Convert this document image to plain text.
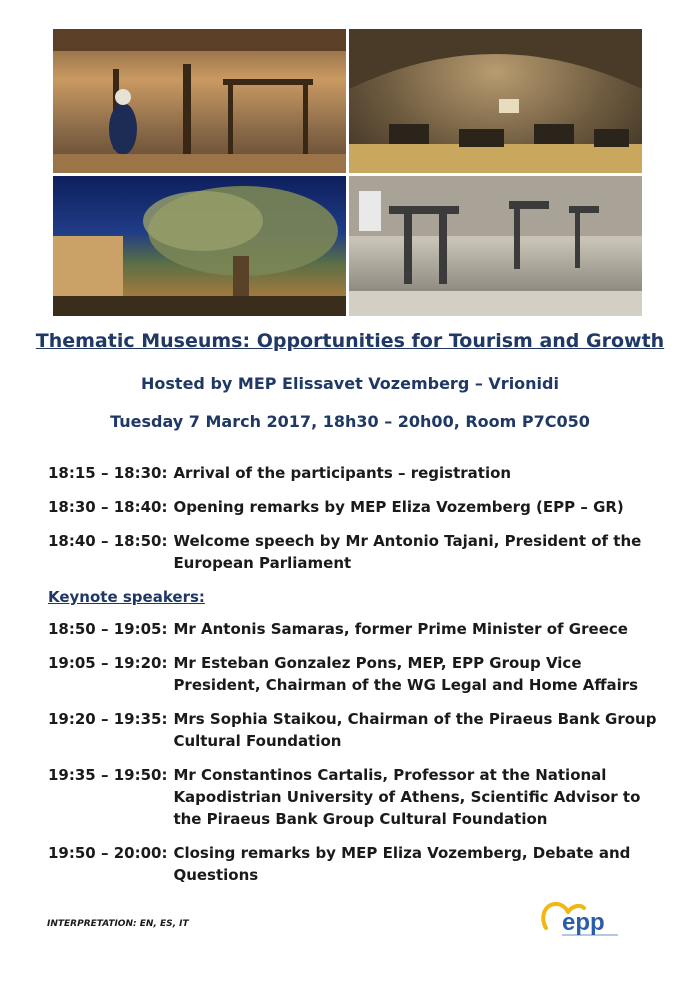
Thematic Museums: Opportunities for Tourism and Growth
Hosted by MEP Elissavet Vozemberg – Vrionidi
Tuesday 7 March 2017, 18h30 – 20h00, Room P7C050
18:15 – 18:30: Arrival of the participants – registration
18:30 – 18:40: Opening remarks by MEP Eliza Vozemberg (EPP – GR)
18:40 – 18:50: Welcome speech by Mr Antonio Tajani, President of the European Parliament
Keynote speakers:
18:50 – 19:05: Mr Antonis Samaras, former Prime Minister of Greece
19:05 – 19:20: Mr Esteban Gonzalez Pons, MEP, EPP Group Vice President, Chairman of the WG Legal and Home Affairs
19:20 – 19:35: Mrs Sophia Staikou, Chairman of the Piraeus Bank Group Cultural Foundation
19:35 – 19:50: Mr Constantinos Cartalis, Professor at the National Kapodistrian University of Athens, Scientific Advisor to the Piraeus Bank Group Cultural Foundation
19:50 – 20:00: Closing remarks by MEP Eliza Vozemberg, Debate and Questions
INTERPRETATION: EN, ES, IT	epp
